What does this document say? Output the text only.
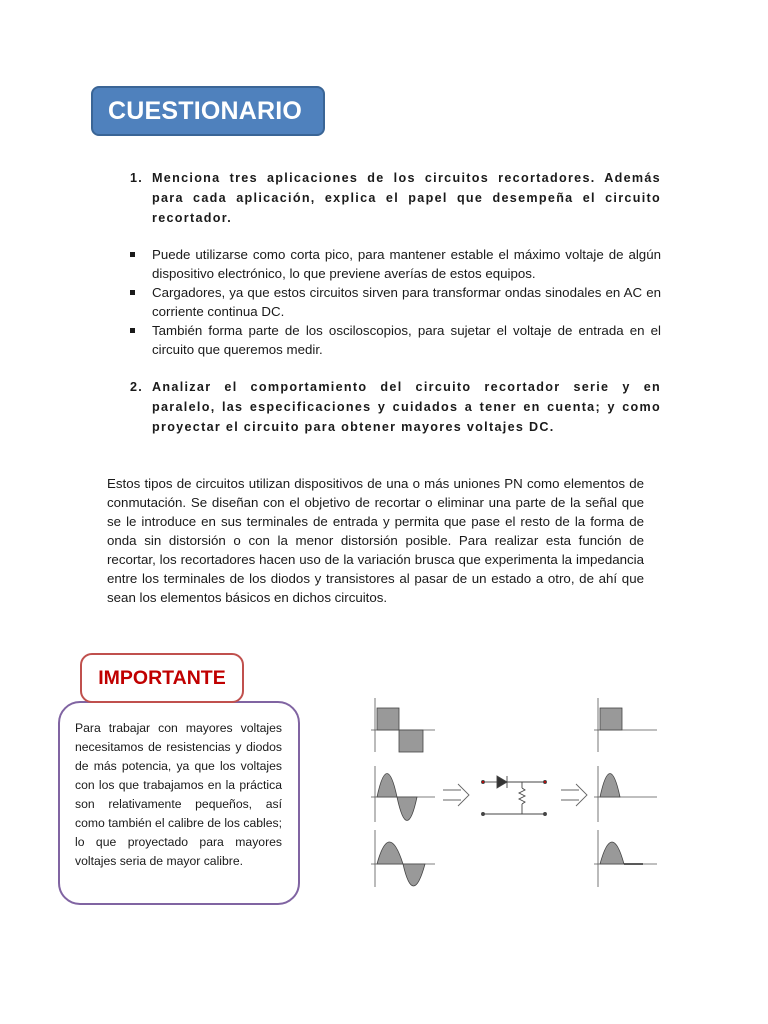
CUESTIONARIO
1. Menciona tres aplicaciones de los circuitos recortadores. Además para cada aplicación, explica el papel que desempeña el circuito recortador.
Puede utilizarse como corta pico, para mantener estable el máximo voltaje de algún dispositivo electrónico, lo que previene averías de estos equipos.
Cargadores, ya que estos circuitos sirven para transformar ondas sinodales en AC en corriente continua DC.
También forma parte de los osciloscopios, para sujetar el voltaje de entrada en el circuito que queremos medir.
2. Analizar el comportamiento del circuito recortador serie y en paralelo, las especificaciones y cuidados a tener en cuenta; y como proyectar el circuito para obtener mayores voltajes DC.
Estos tipos de circuitos utilizan dispositivos de una o más uniones PN como elementos de conmutación. Se diseñan con el objetivo de recortar o eliminar una parte de la señal que se le introduce en sus terminales de entrada y permita que pase el resto de la forma de onda sin distorsión o con la menor distorsión posible. Para realizar esta función de recortar, los recortadores hacen uso de la variación brusca que experimenta la impedancia entre los terminales de los diodos y transistores al pasar de un estado a otro, de ahí que sean los elementos básicos en dichos circuitos.
Para trabajar con mayores voltajes necesitamos de resistencias y diodos de más potencia, ya que los voltajes con los que trabajamos en la práctica son relativamente pequeños, así como también el calibre de los cables; lo que proyectado para mayores voltajes seria de mayor calibre.
IMPORTANTE
